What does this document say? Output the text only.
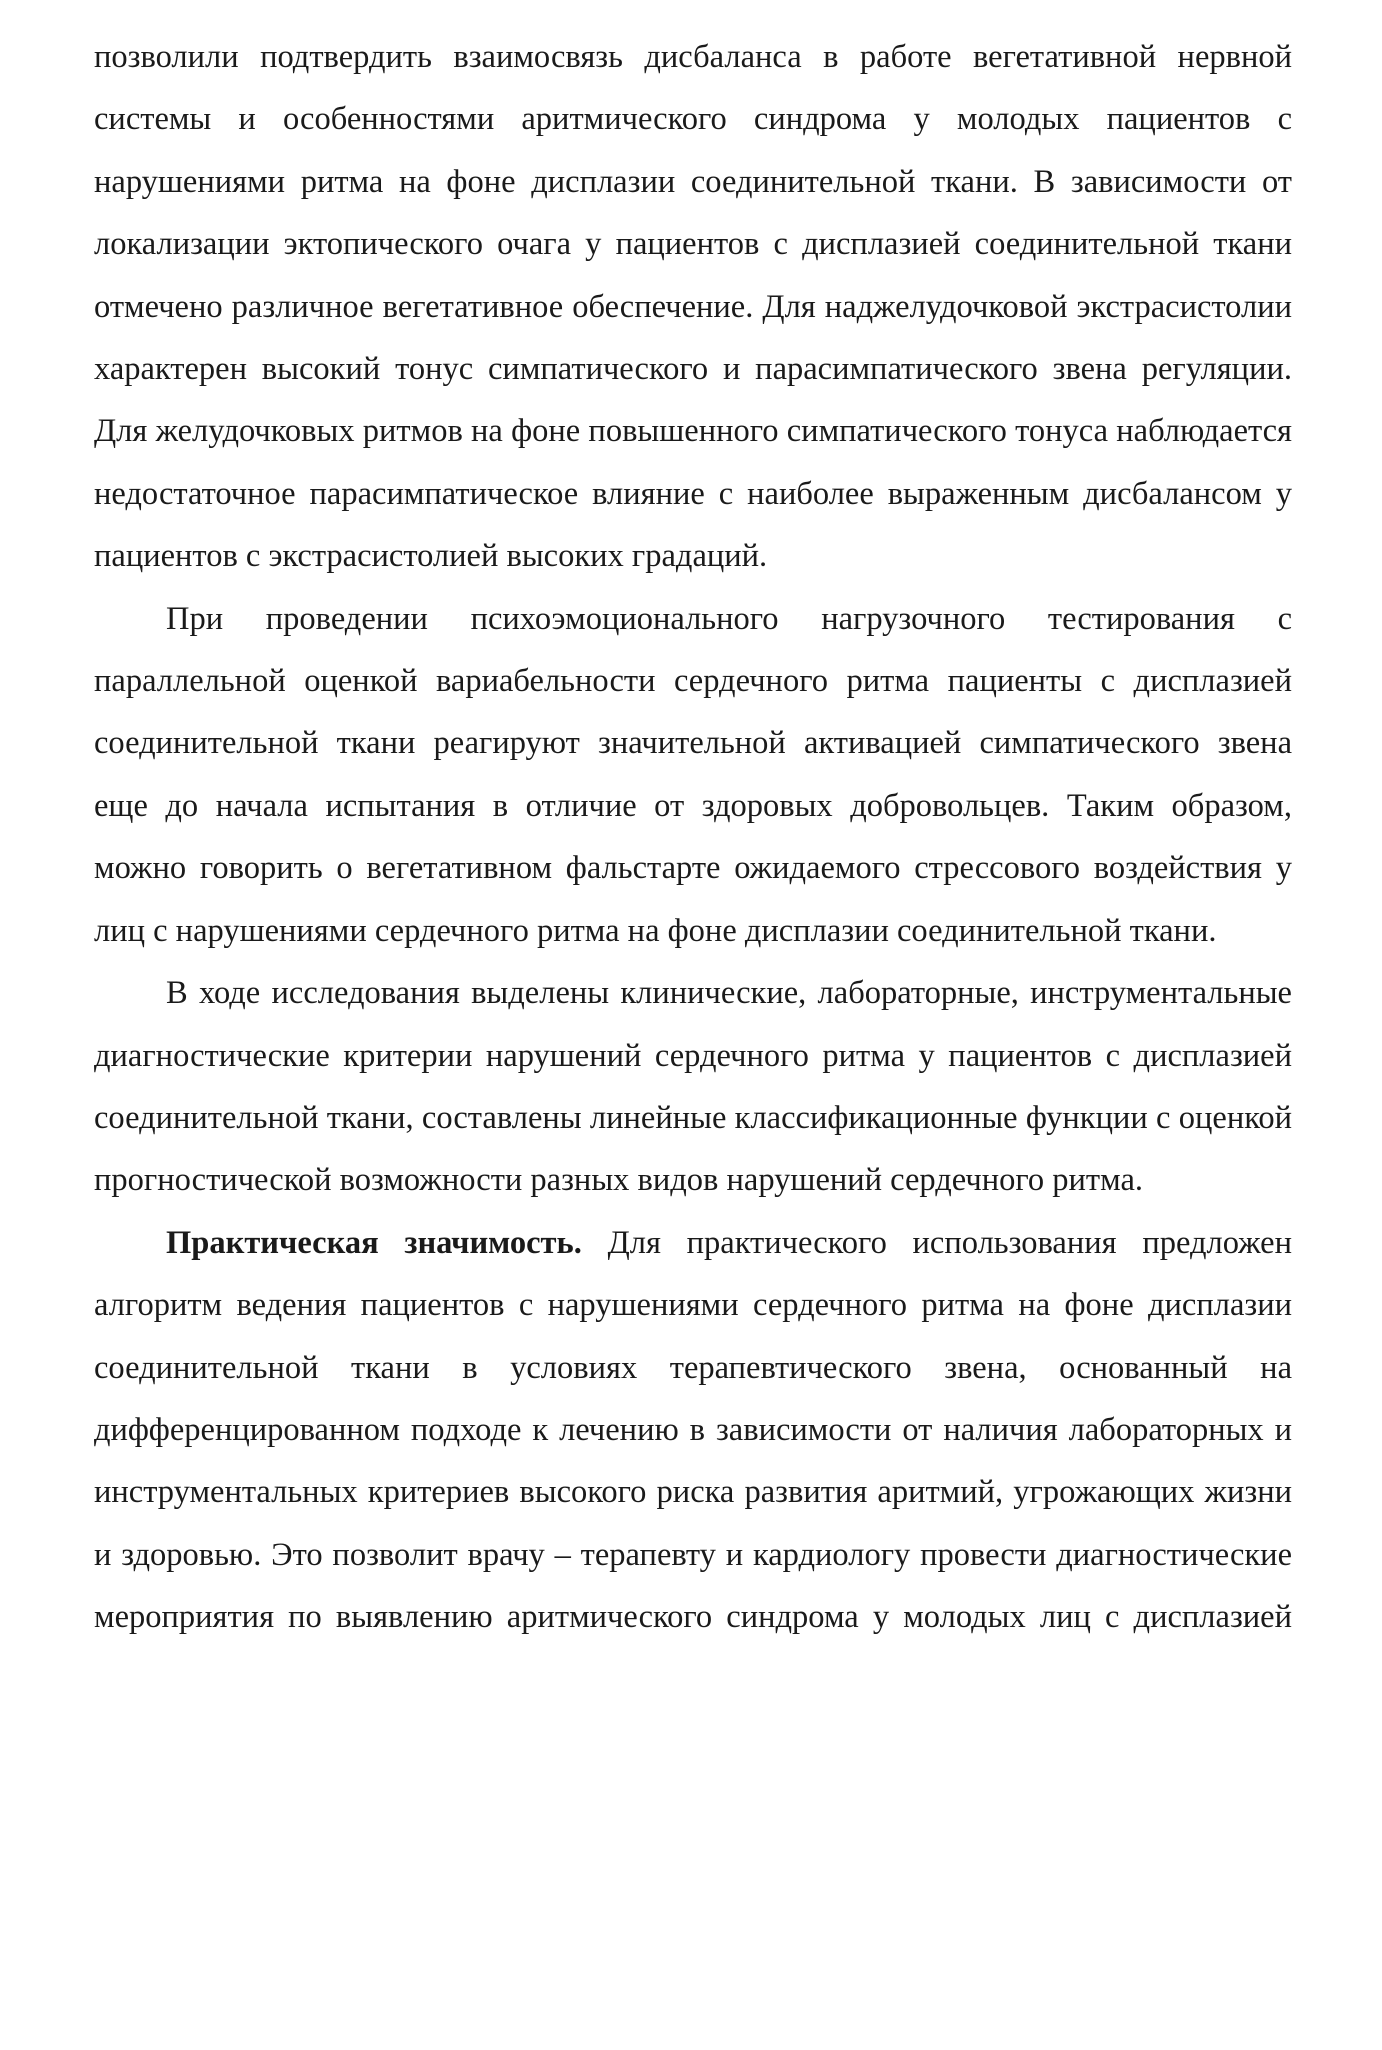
позволили подтвердить взаимосвязь дисбаланса в работе вегетативной нервной системы и особенностями аритмического синдрома у молодых пациентов с нарушениями ритма на фоне дисплазии соединительной ткани. В зависимости от локализации эктопического очага у пациентов с дисплазией соединительной ткани отмечено различное вегетативное обеспечение. Для наджелудочковой экстрасистолии характерен высокий тонус симпатического и парасимпатического звена регуляции. Для желудочковых ритмов на фоне повышенного симпатического тонуса наблюдается недостаточное парасимпатическое влияние с наиболее выраженным дисбалансом у пациентов с экстрасистолией высоких градаций.

При проведении психоэмоционального нагрузочного тестирования с параллельной оценкой вариабельности сердечного ритма пациенты с дисплазией соединительной ткани реагируют значительной активацией симпатического звена еще до начала испытания в отличие от здоровых добровольцев. Таким образом, можно говорить о вегетативном фальстарте ожидаемого стрессового воздействия у лиц с нарушениями сердечного ритма на фоне дисплазии соединительной ткани.

В ходе исследования выделены клинические, лабораторные, инструментальные диагностические критерии нарушений сердечного ритма у пациентов с дисплазией соединительной ткани, составлены линейные классификационные функции с оценкой прогностической возможности разных видов нарушений сердечного ритма.

Практическая значимость. Для практического использования предложен алгоритм ведения пациентов с нарушениями сердечного ритма на фоне дисплазии соединительной ткани в условиях терапевтического звена, основанный на дифференцированном подходе к лечению в зависимости от наличия лабораторных и инструментальных критериев высокого риска развития аритмий, угрожающих жизни и здоровью. Это позволит врачу – терапевту и кардиологу провести диагностические мероприятия по выявлению аритмического синдрома у молодых лиц с дисплазией
